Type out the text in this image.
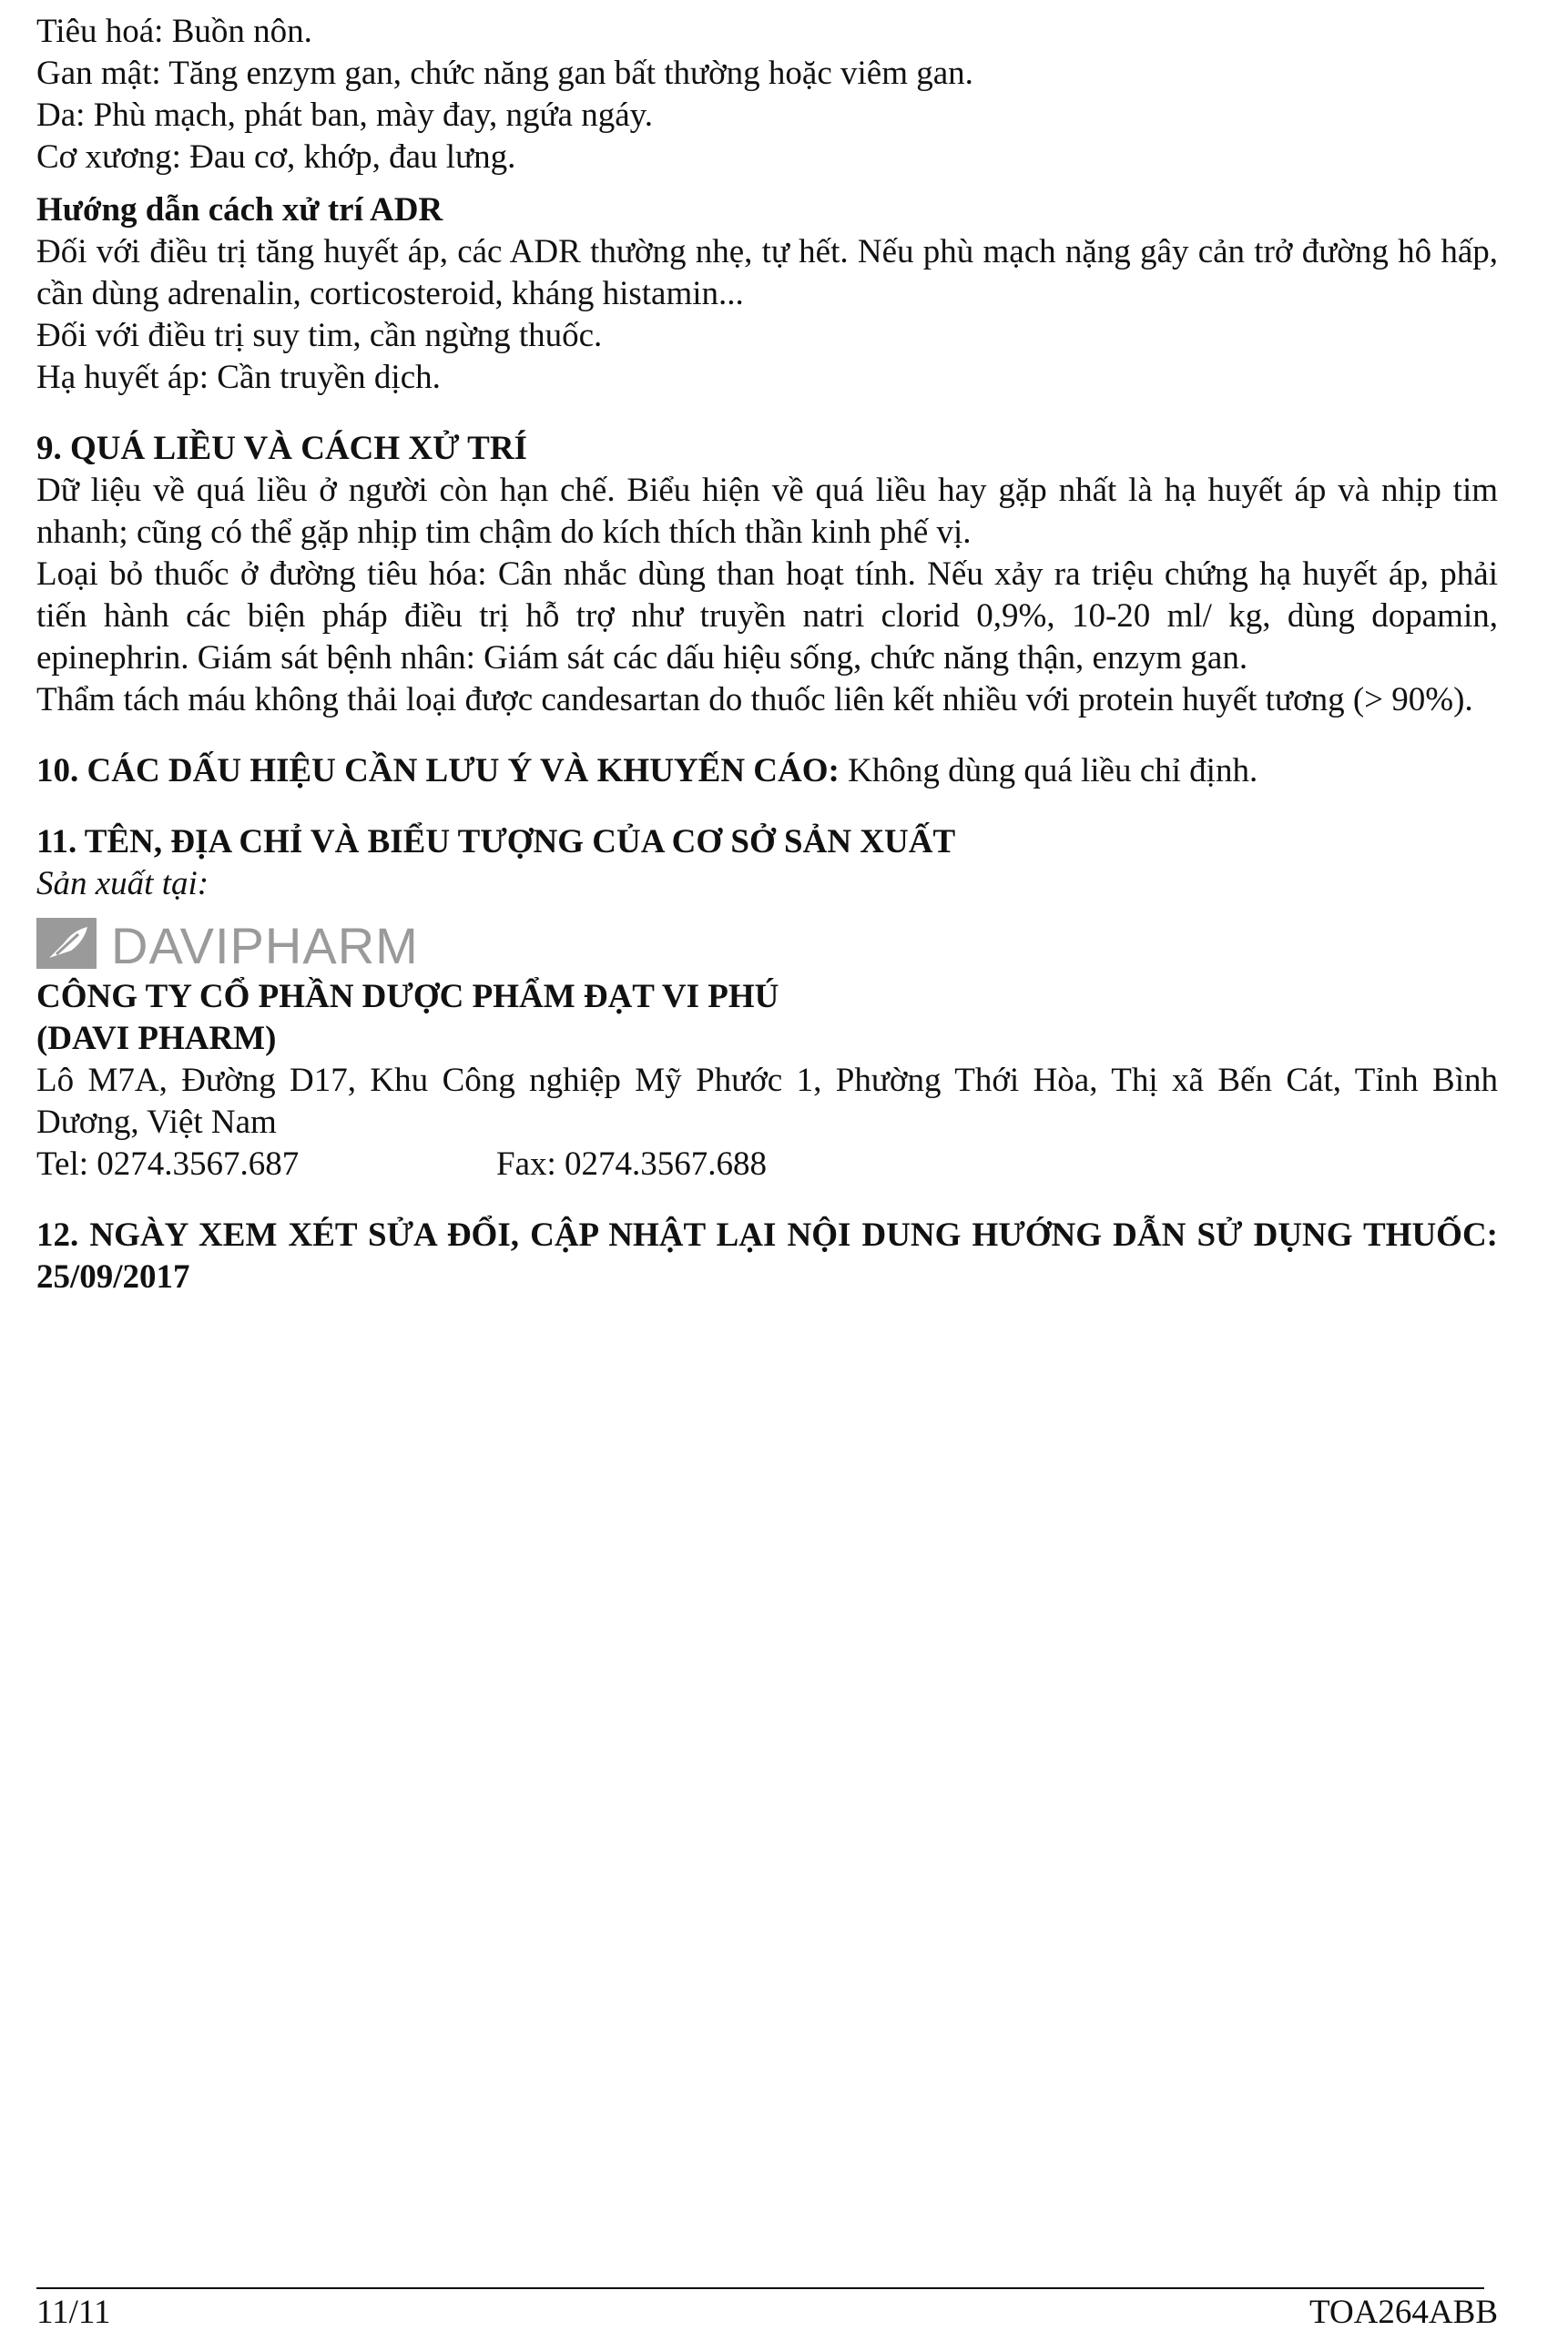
Tiêu hoá: Buồn nôn.

Gan mật: Tăng enzym gan, chức năng gan bất thường hoặc viêm gan.

Da: Phù mạch, phát ban, mày đay, ngứa ngáy.

Cơ xương: Đau cơ, khớp, đau lưng.

Hướng dẫn cách xử trí ADR

Đối với điều trị tăng huyết áp, các ADR thường nhẹ, tự hết. Nếu phù mạch nặng gây cản trở đường hô hấp, cần dùng adrenalin, corticosteroid, kháng histamin...

Đối với điều trị suy tim, cần ngừng thuốc.

Hạ huyết áp: Cần truyền dịch.

9. QUÁ LIỀU VÀ CÁCH XỬ TRÍ

Dữ liệu về quá liều ở người còn hạn chế. Biểu hiện về quá liều hay gặp nhất là hạ huyết áp và nhịp tim nhanh; cũng có thể gặp nhịp tim chậm do kích thích thần kinh phế vị.

Loại bỏ thuốc ở đường tiêu hóa: Cân nhắc dùng than hoạt tính. Nếu xảy ra triệu chứng hạ huyết áp, phải tiến hành các biện pháp điều trị hỗ trợ như truyền natri clorid 0,9%, 10-20 ml/ kg, dùng dopamin, epinephrin. Giám sát bệnh nhân: Giám sát các dấu hiệu sống, chức năng thận, enzym gan.

Thẩm tách máu không thải loại được candesartan do thuốc liên kết nhiều với protein huyết tương (> 90%).

10. CÁC DẤU HIỆU CẦN LƯU Ý VÀ KHUYẾN CÁO: Không dùng quá liều chỉ định.

11. TÊN, ĐỊA CHỈ VÀ BIỂU TƯỢNG CỦA CƠ SỞ SẢN XUẤT

Sản xuất tại:

DAVIPHARM

CÔNG TY CỔ PHẦN DƯỢC PHẨM ĐẠT VI PHÚ

(DAVI PHARM)

Lô M7A, Đường D17, Khu Công nghiệp Mỹ Phước 1, Phường Thới Hòa, Thị xã Bến Cát, Tỉnh Bình Dương, Việt Nam

Tel: 0274.3567.687	Fax: 0274.3567.688

12. NGÀY XEM XÉT SỬA ĐỔI, CẬP NHẬT LẠI NỘI DUNG HƯỚNG DẪN SỬ DỤNG THUỐC: 25/09/2017

11/11	TOA264ABB
